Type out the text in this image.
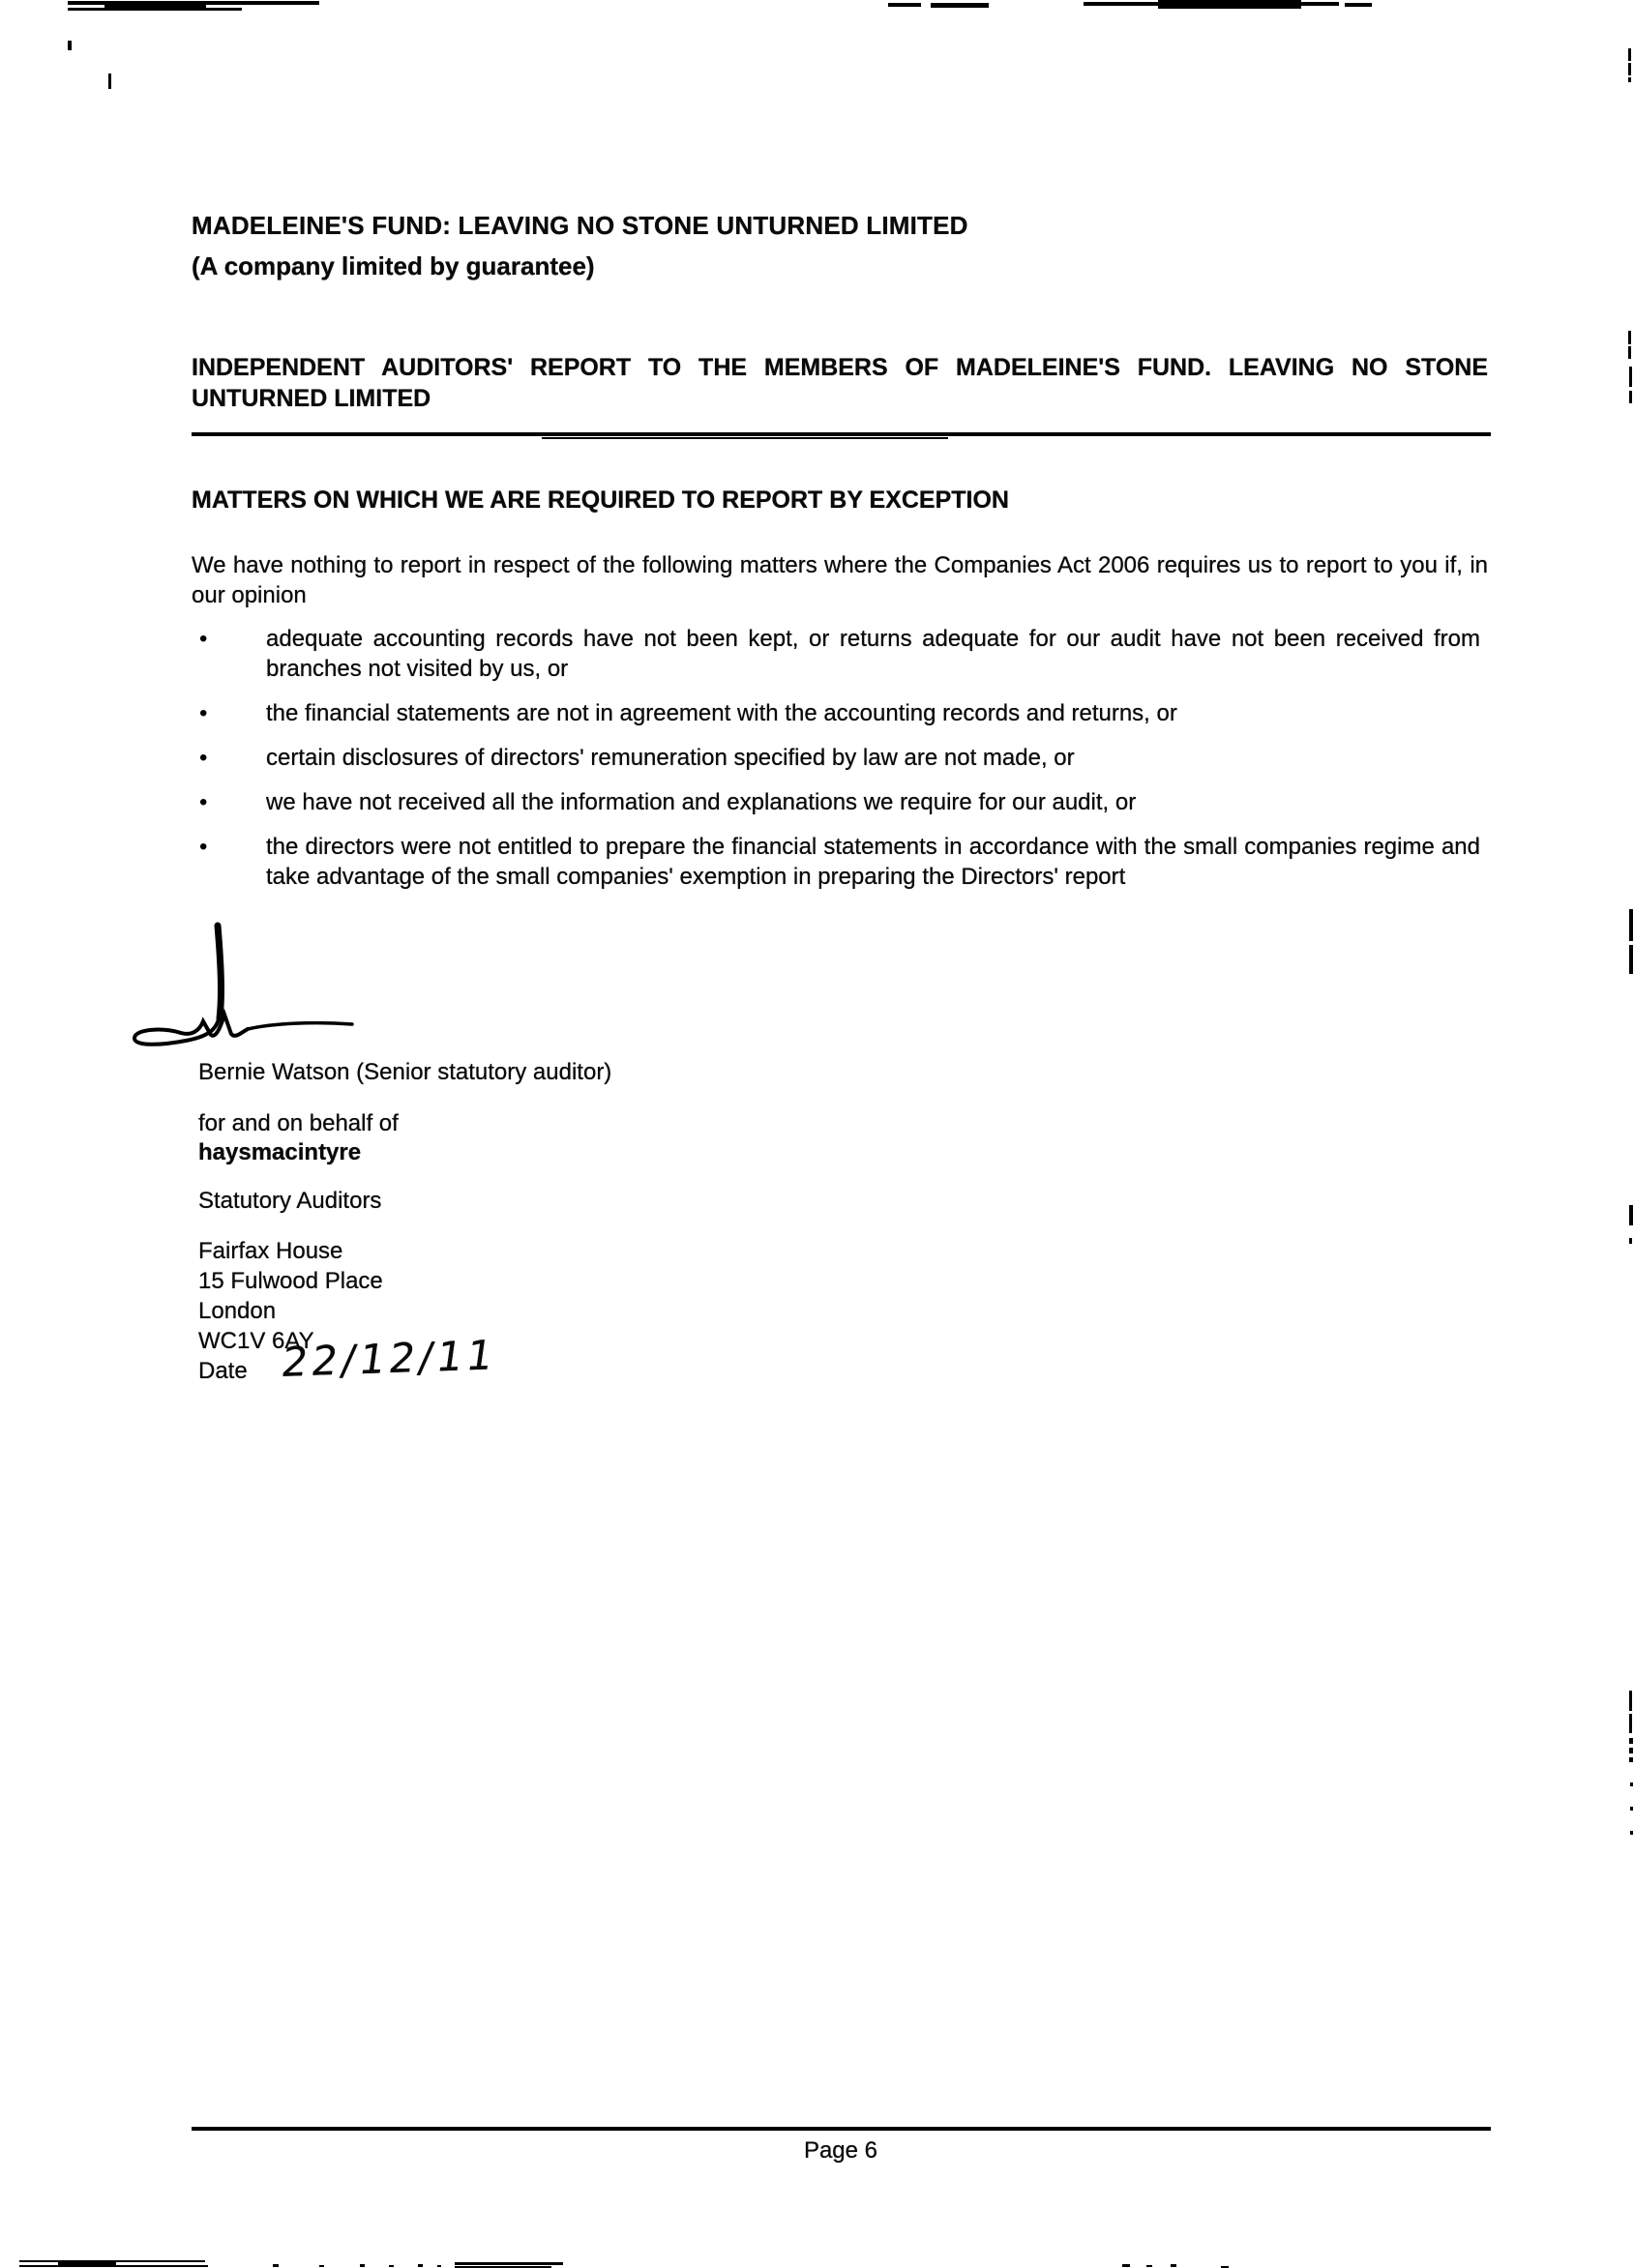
MADELEINE'S FUND: LEAVING NO STONE UNTURNED LIMITED
(A company limited by guarantee)
INDEPENDENT AUDITORS' REPORT TO THE MEMBERS OF MADELEINE'S FUND. LEAVING NO STONE UNTURNED LIMITED
MATTERS ON WHICH WE ARE REQUIRED TO REPORT BY EXCEPTION
We have nothing to report in respect of the following matters where the Companies Act 2006 requires us to report to you if, in our opinion
•	adequate accounting records have not been kept, or returns adequate for our audit have not been received from branches not visited by us, or
•	the financial statements are not in agreement with the accounting records and returns, or
•	certain disclosures of directors' remuneration specified by law are not made, or
•	we have not received all the information and explanations we require for our audit, or
•	the directors were not entitled to prepare the financial statements in accordance with the small companies regime and take advantage of the small companies' exemption in preparing the Directors' report
Bernie Watson (Senior statutory auditor)
for and on behalf of
haysmacintyre
Statutory Auditors
Fairfax House
15 Fulwood Place
London
WC1V 6AY
Date 22/12/11
Page 6
